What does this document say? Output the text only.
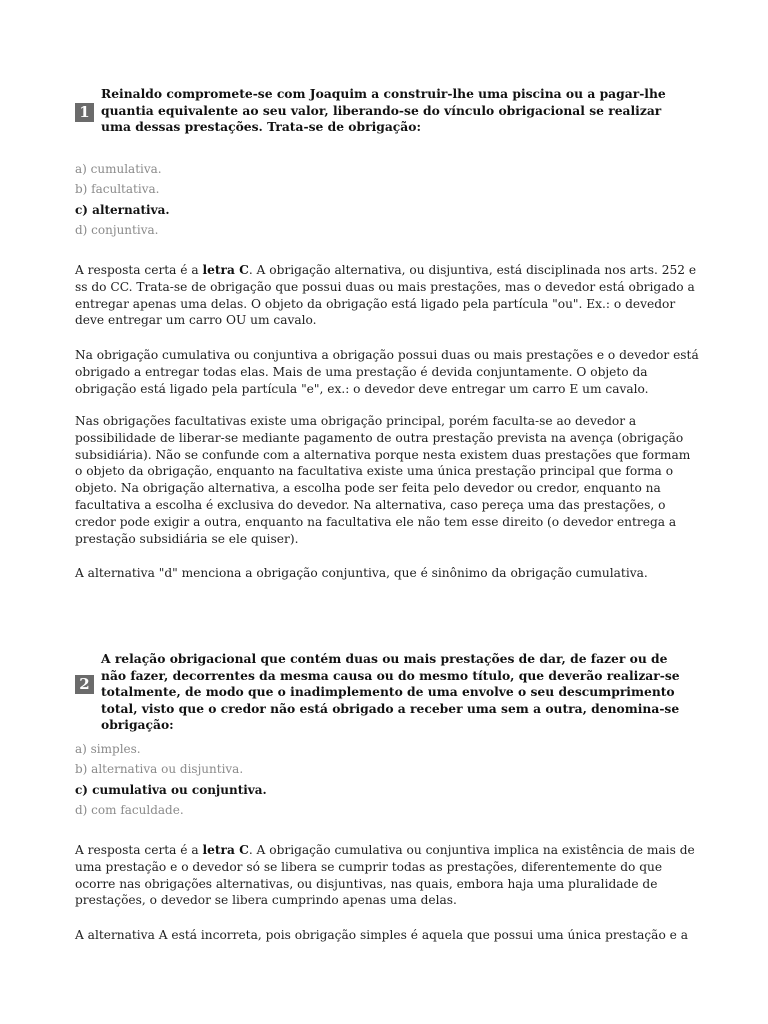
1
Reinaldo compromete-se com Joaquim a construir-lhe uma piscina ou a pagar-lhe quantia equivalente ao seu valor, liberando-se do vínculo obrigacional se realizar uma dessas prestações. Trata-se de obrigação:
a) cumulativa.
b) facultativa.
c) alternativa.
d) conjuntiva.

A resposta certa é a letra C. A obrigação alternativa, ou disjuntiva, está disciplinada nos arts. 252 e ss do CC. Trata-se de obrigação que possui duas ou mais prestações, mas o devedor está obrigado a entregar apenas uma delas. O objeto da obrigação está ligado pela partícula "ou". Ex.: o devedor deve entregar um carro OU um cavalo.

Na obrigação cumulativa ou conjuntiva a obrigação possui duas ou mais prestações e o devedor está obrigado a entregar todas elas. Mais de uma prestação é devida conjuntamente. O objeto da obrigação está ligado pela partícula "e", ex.: o devedor deve entregar um carro E um cavalo.

Nas obrigações facultativas existe uma obrigação principal, porém faculta-se ao devedor a possibilidade de liberar-se mediante pagamento de outra prestação prevista na avença (obrigação subsidiária). Não se confunde com a alternativa porque nesta existem duas prestações que formam o objeto da obrigação, enquanto na facultativa existe uma única prestação principal que forma o objeto. Na obrigação alternativa, a escolha pode ser feita pelo devedor ou credor, enquanto na facultativa a escolha é exclusiva do devedor. Na alternativa, caso pereça uma das prestações, o credor pode exigir a outra, enquanto na facultativa ele não tem esse direito (o devedor entrega a prestação subsidiária se ele quiser).

A alternativa "d" menciona a obrigação conjuntiva, que é sinônimo da obrigação cumulativa.

2
A relação obrigacional que contém duas ou mais prestações de dar, de fazer ou de não fazer, decorrentes da mesma causa ou do mesmo título, que deverão realizar-se totalmente, de modo que o inadimplemento de uma envolve o seu descumprimento total, visto que o credor não está obrigado a receber uma sem a outra, denomina-se obrigação:
a) simples.
b) alternativa ou disjuntiva.
c) cumulativa ou conjuntiva.
d) com faculdade.

A resposta certa é a letra C. A obrigação cumulativa ou conjuntiva implica na existência de mais de uma prestação e o devedor só se libera se cumprir todas as prestações, diferentemente do que ocorre nas obrigações alternativas, ou disjuntivas, nas quais, embora haja uma pluralidade de prestações, o devedor se libera cumprindo apenas uma delas.

A alternativa A está incorreta, pois obrigação simples é aquela que possui uma única prestação e a
